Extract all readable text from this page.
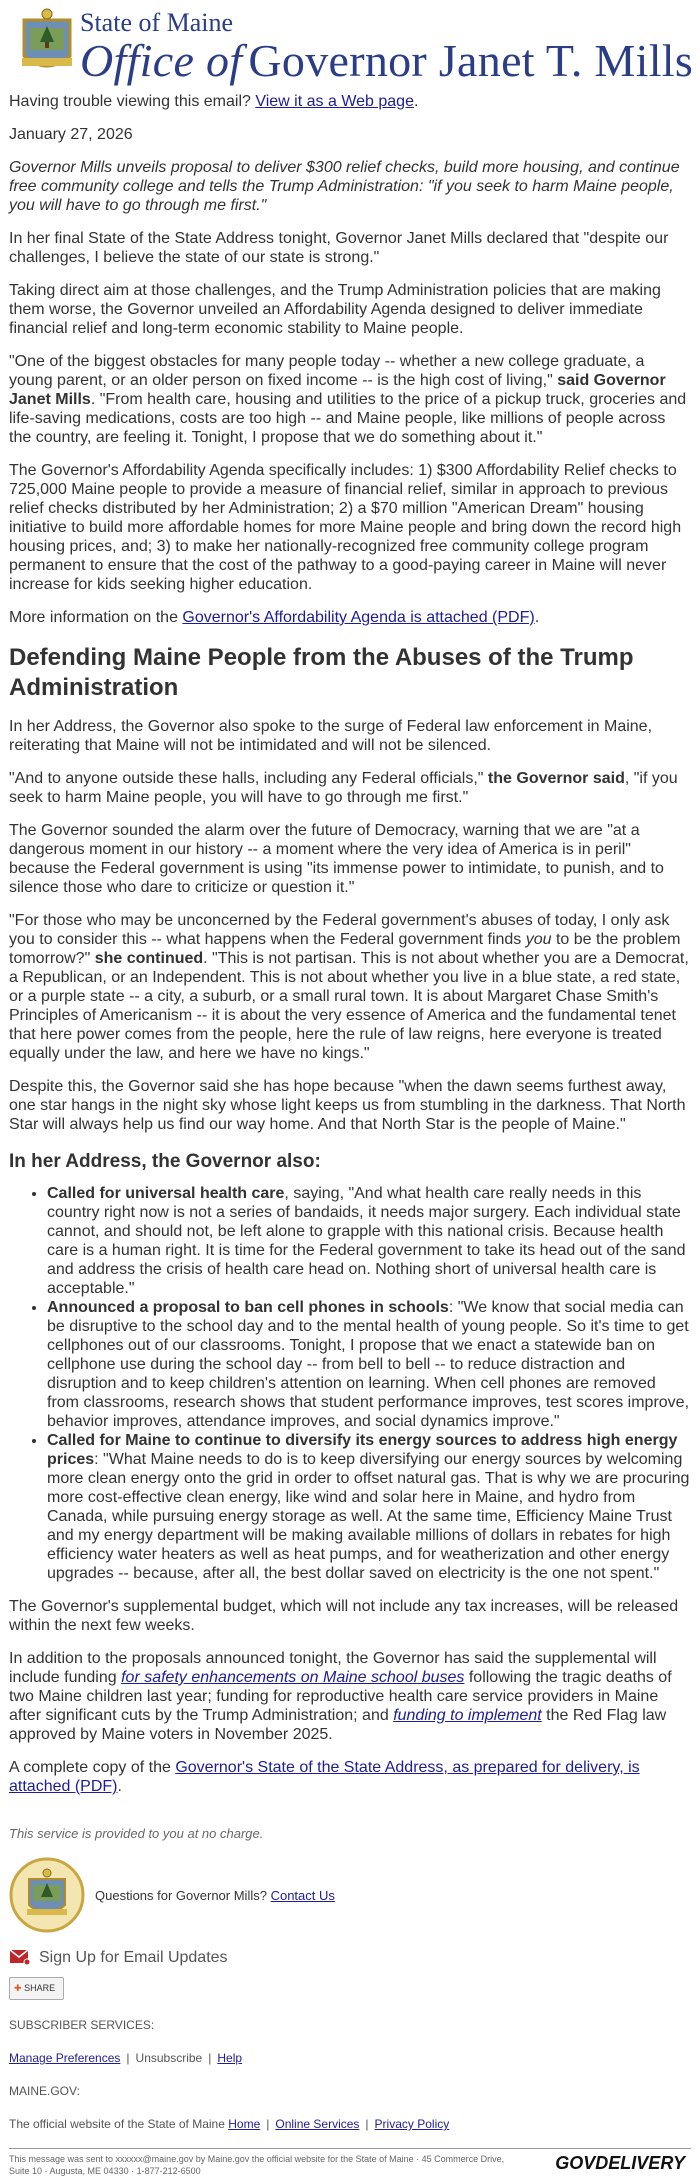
State of Maine
Office of Governor Janet T. Mills

Having trouble viewing this email? View it as a Web page.

January 27, 2026

Governor Mills unveils proposal to deliver $300 relief checks, build more housing, and continue free community college and tells the Trump Administration: "if you seek to harm Maine people, you will have to go through me first."

In her final State of the State Address tonight, Governor Janet Mills declared that "despite our challenges, I believe the state of our state is strong."

Taking direct aim at those challenges, and the Trump Administration policies that are making them worse, the Governor unveiled an Affordability Agenda designed to deliver immediate financial relief and long-term economic stability to Maine people.

"One of the biggest obstacles for many people today -- whether a new college graduate, a young parent, or an older person on fixed income -- is the high cost of living," said Governor Janet Mills. "From health care, housing and utilities to the price of a pickup truck, groceries and life-saving medications, costs are too high -- and Maine people, like millions of people across the country, are feeling it. Tonight, I propose that we do something about it."

The Governor's Affordability Agenda specifically includes: 1) $300 Affordability Relief checks to 725,000 Maine people to provide a measure of financial relief, similar in approach to previous relief checks distributed by her Administration; 2) a $70 million "American Dream" housing initiative to build more affordable homes for more Maine people and bring down the record high housing prices, and; 3) to make her nationally-recognized free community college program permanent to ensure that the cost of the pathway to a good-paying career in Maine will never increase for kids seeking higher education.

More information on the Governor's Affordability Agenda is attached (PDF).

Defending Maine People from the Abuses of the Trump Administration

In her Address, the Governor also spoke to the surge of Federal law enforcement in Maine, reiterating that Maine will not be intimidated and will not be silenced.

"And to anyone outside these halls, including any Federal officials," the Governor said, "if you seek to harm Maine people, you will have to go through me first."

The Governor sounded the alarm over the future of Democracy, warning that we are "at a dangerous moment in our history -- a moment where the very idea of America is in peril" because the Federal government is using "its immense power to intimidate, to punish, and to silence those who dare to criticize or question it."

"For those who may be unconcerned by the Federal government's abuses of today, I only ask you to consider this -- what happens when the Federal government finds you to be the problem tomorrow?" she continued. "This is not partisan. This is not about whether you are a Democrat, a Republican, or an Independent. This is not about whether you live in a blue state, a red state, or a purple state -- a city, a suburb, or a small rural town. It is about Margaret Chase Smith's Principles of Americanism -- it is about the very essence of America and the fundamental tenet that here power comes from the people, here the rule of law reigns, here everyone is treated equally under the law, and here we have no kings."

Despite this, the Governor said she has hope because "when the dawn seems furthest away, one star hangs in the night sky whose light keeps us from stumbling in the darkness. That North Star will always help us find our way home. And that North Star is the people of Maine."

In her Address, the Governor also:
• Called for universal health care, saying, "And what health care really needs in this country right now is not a series of bandaids, it needs major surgery. Each individual state cannot, and should not, be left alone to grapple with this national crisis. Because health care is a human right. It is time for the Federal government to take its head out of the sand and address the crisis of health care head on. Nothing short of universal health care is acceptable."
• Announced a proposal to ban cell phones in schools: "We know that social media can be disruptive to the school day and to the mental health of young people. So it's time to get cellphones out of our classrooms. Tonight, I propose that we enact a statewide ban on cellphone use during the school day -- from bell to bell -- to reduce distraction and disruption and to keep children's attention on learning. When cell phones are removed from classrooms, research shows that student performance improves, test scores improve, behavior improves, attendance improves, and social dynamics improve."
• Called for Maine to continue to diversify its energy sources to address high energy prices: "What Maine needs to do is to keep diversifying our energy sources by welcoming more clean energy onto the grid in order to offset natural gas. That is why we are procuring more cost-effective clean energy, like wind and solar here in Maine, and hydro from Canada, while pursuing energy storage as well. At the same time, Efficiency Maine Trust and my energy department will be making available millions of dollars in rebates for high efficiency water heaters as well as heat pumps, and for weatherization and other energy upgrades -- because, after all, the best dollar saved on electricity is the one not spent."

The Governor's supplemental budget, which will not include any tax increases, will be released within the next few weeks.

In addition to the proposals announced tonight, the Governor has said the supplemental will include funding for safety enhancements on Maine school buses following the tragic deaths of two Maine children last year; funding for reproductive health care service providers in Maine after significant cuts by the Trump Administration; and funding to implement the Red Flag law approved by Maine voters in November 2025.

A complete copy of the Governor's State of the State Address, as prepared for delivery, is attached (PDF).

This service is provided to you at no charge.
Questions for Governor Mills? Contact Us
Sign Up for Email Updates
✚ SHARE

SUBSCRIBER SERVICES:

Manage Preferences | Unsubscribe | Help

MAINE.GOV:

The official website of the State of Maine Home | Online Services | Privacy Policy

This message was sent to xxxxxx@maine.gov by Maine.gov the official website for the State of Maine · 45 Commerce Drive,
Suite 10 · Augusta, ME 04330 · 1-877-212-6500	GOVDELIVERY
